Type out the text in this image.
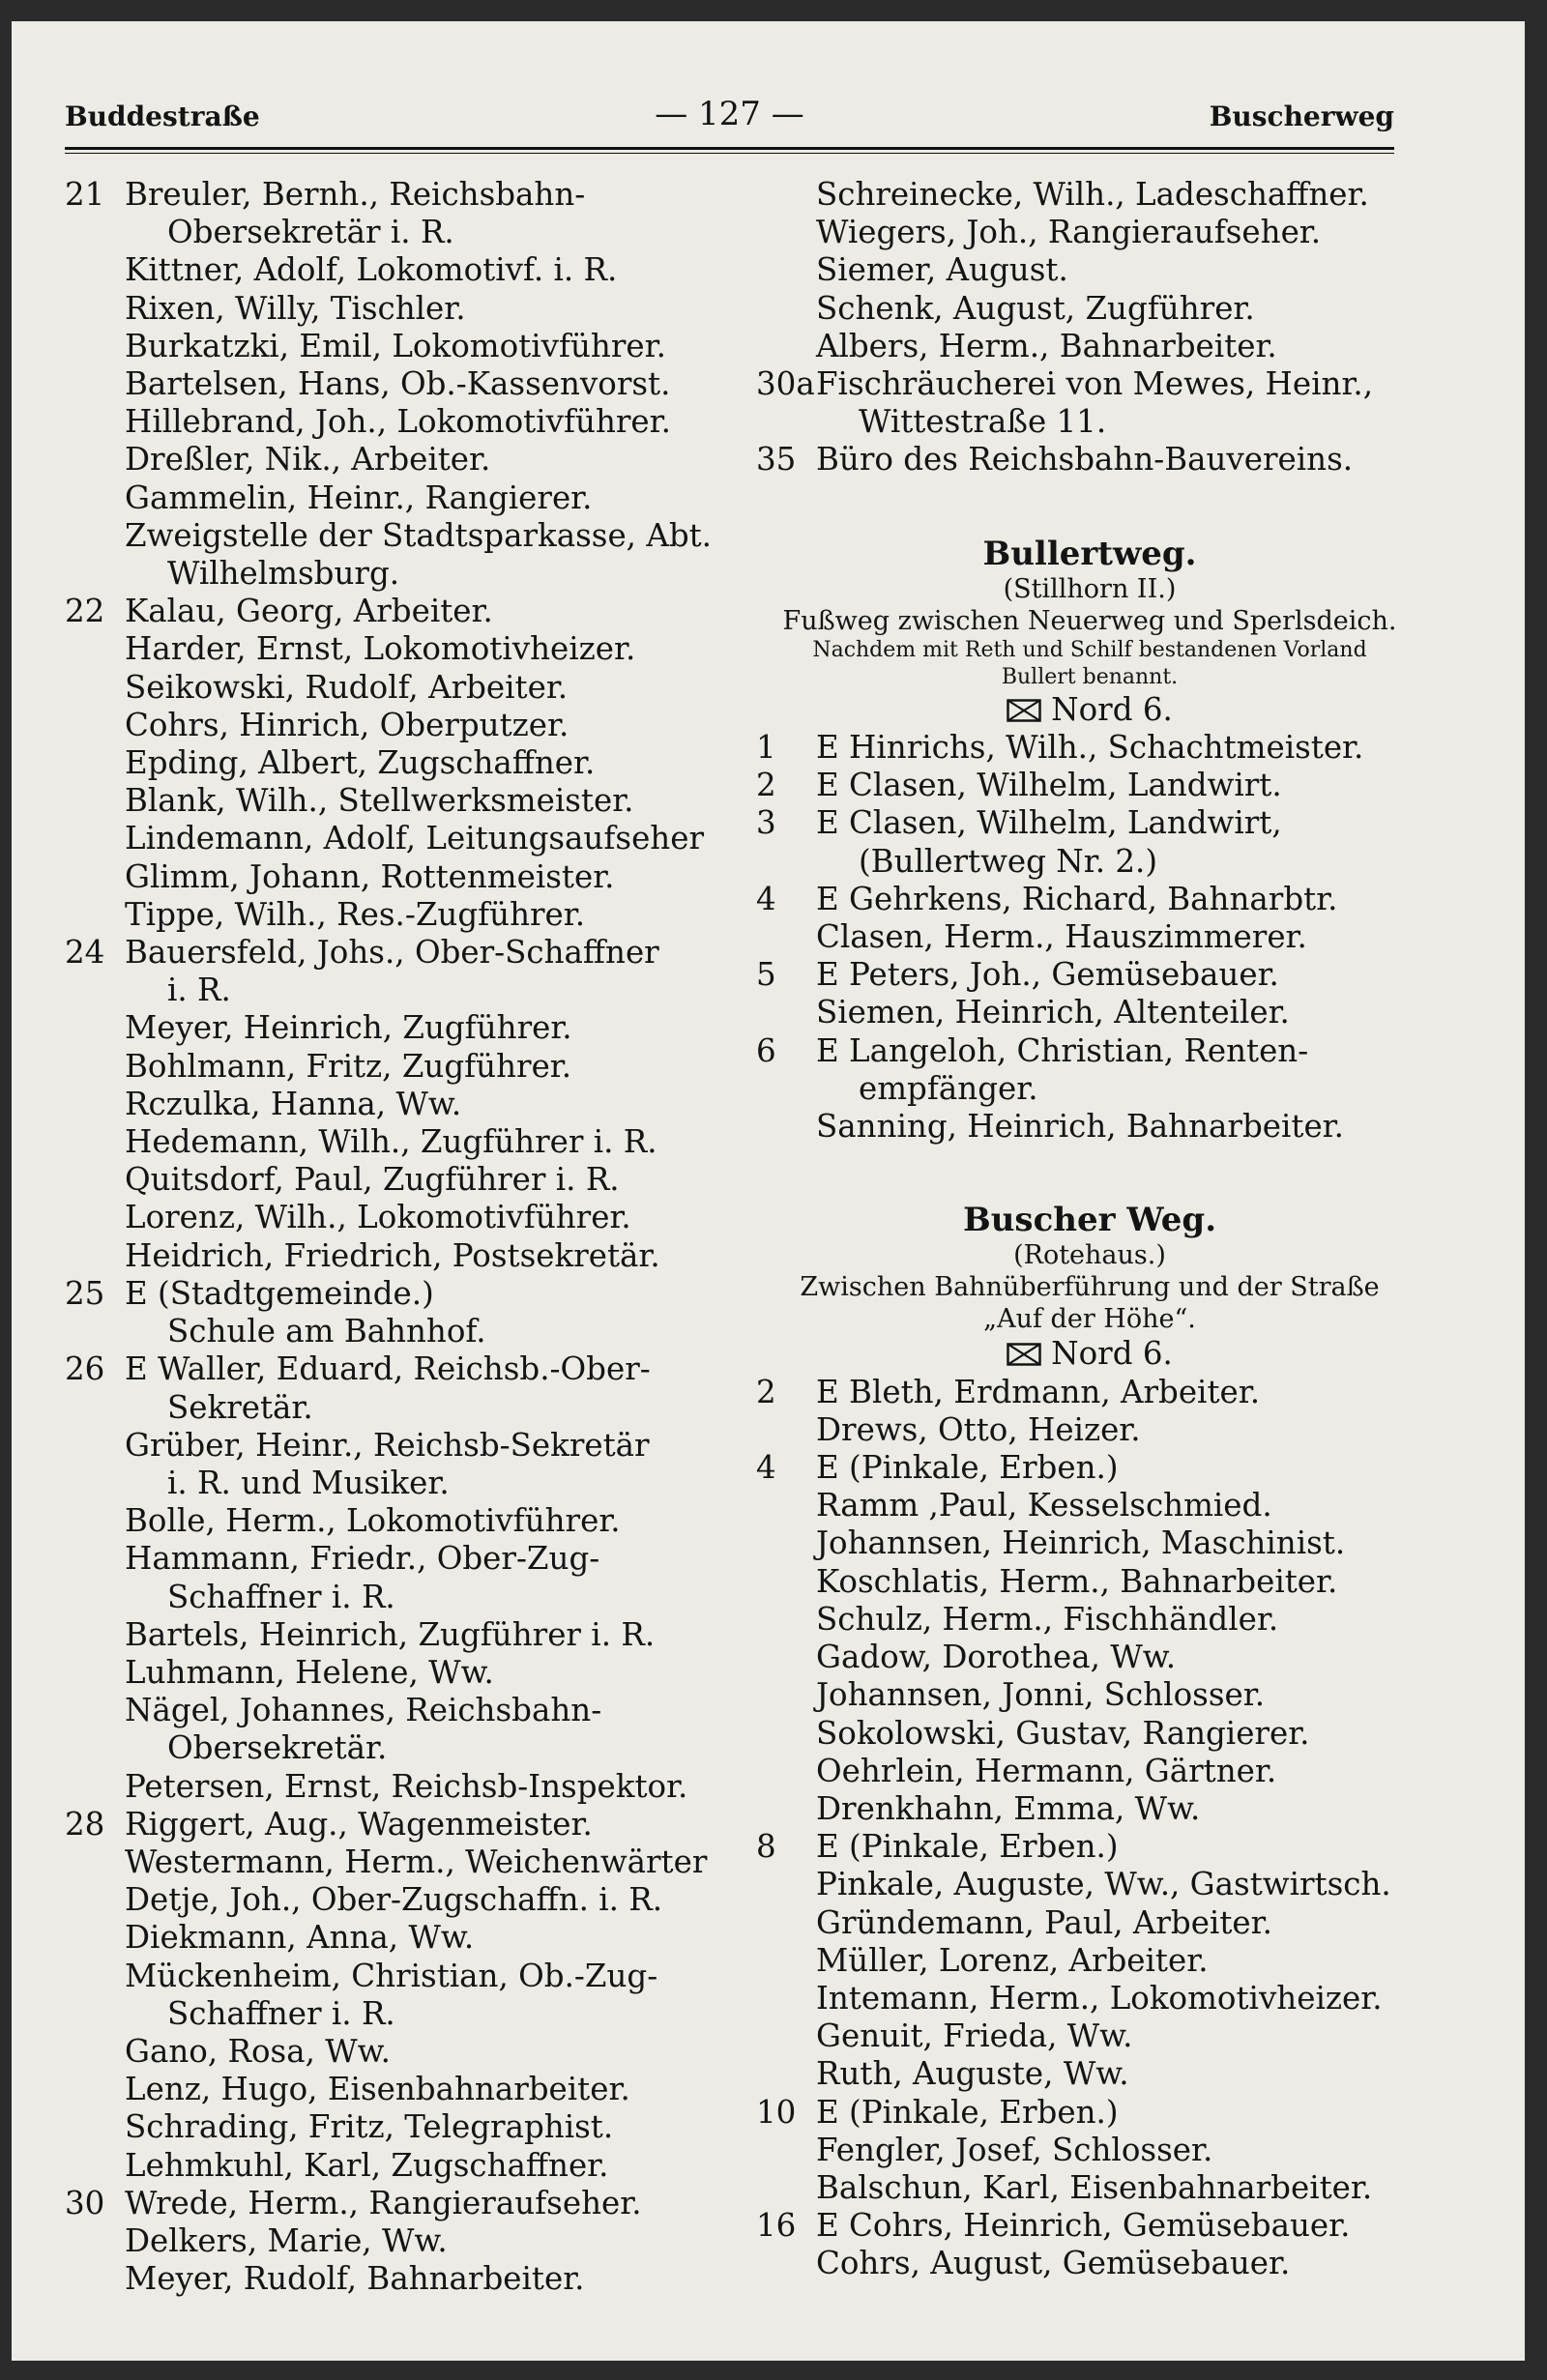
Buddestraße	— 127 —	Buscherweg
21 Breuler, Bernh., Reichsbahn-
Obersekretär i. R.
Kittner, Adolf, Lokomotivf. i. R.
Rixen, Willy, Tischler.
Burkatzki, Emil, Lokomotivführer.
Bartelsen, Hans, Ob.-Kassenvorst.
Hillebrand, Joh., Lokomotivführer.
Dreßler, Nik., Arbeiter.
Gammelin, Heinr., Rangierer.
Zweigstelle der Stadtsparkasse, Abt.
Wilhelmsburg.
22 Kalau, Georg, Arbeiter.
Harder, Ernst, Lokomotivheizer.
Seikowski, Rudolf, Arbeiter.
Cohrs, Hinrich, Oberputzer.
Epding, Albert, Zugschaffner.
Blank, Wilh., Stellwerksmeister.
Lindemann, Adolf, Leitungsaufseher
Glimm, Johann, Rottenmeister.
Tippe, Wilh., Res.-Zugführer.
24 Bauersfeld, Johs., Ober-Schaffner
i. R.
Meyer, Heinrich, Zugführer.
Bohlmann, Fritz, Zugführer.
Rczulka, Hanna, Ww.
Hedemann, Wilh., Zugführer i. R.
Quitsdorf, Paul, Zugführer i. R.
Lorenz, Wilh., Lokomotivführer.
Heidrich, Friedrich, Postsekretär.
25 E (Stadtgemeinde.)
Schule am Bahnhof.
26 E Waller, Eduard, Reichsb.-Ober-
Sekretär.
Grüber, Heinr., Reichsb-Sekretär
i. R. und Musiker.
Bolle, Herm., Lokomotivführer.
Hammann, Friedr., Ober-Zug-
Schaffner i. R.
Bartels, Heinrich, Zugführer i. R.
Luhmann, Helene, Ww.
Nägel, Johannes, Reichsbahn-
Obersekretär.
Petersen, Ernst, Reichsb-Inspektor.
28 Riggert, Aug., Wagenmeister.
Westermann, Herm., Weichenwärter
Detje, Joh., Ober-Zugschaffn. i. R.
Diekmann, Anna, Ww.
Mückenheim, Christian, Ob.-Zug-
Schaffner i. R.
Gano, Rosa, Ww.
Lenz, Hugo, Eisenbahnarbeiter.
Schrading, Fritz, Telegraphist.
Lehmkuhl, Karl, Zugschaffner.
30 Wrede, Herm., Rangieraufseher.
Delkers, Marie, Ww.
Meyer, Rudolf, Bahnarbeiter.
Schreinecke, Wilh., Ladeschaffner.
Wiegers, Joh., Rangieraufseher.
Siemer, August.
Schenk, August, Zugführer.
Albers, Herm., Bahnarbeiter.
30a Fischräucherei von Mewes, Heinr.,
Wittestraße 11.
35 Büro des Reichsbahn-Bauvereins.
Bullertweg.
(Stillhorn II.)
Fußweg zwischen Neuerweg und Sperlsdeich.
Nachdem mit Reth und Schilf bestandenen Vorland
Bullert benannt.
Nord 6.
1	E Hinrichs, Wilh., Schachtmeister.
2	E Clasen, Wilhelm, Landwirt.
3	E Clasen, Wilhelm, Landwirt,
(Bullertweg Nr. 2.)
4	E Gehrkens, Richard, Bahnarbtr.
Clasen, Herm., Hauszimmerer.
5	E Peters, Joh., Gemüsebauer.
Siemen, Heinrich, Altenteiler.
6	E Langeloh, Christian, Renten-
empfänger.
Sanning, Heinrich, Bahnarbeiter.
Buscher Weg.
(Rotehaus.)
Zwischen Bahnüberführung und der Straße
„Auf der Höhe“.
Nord 6.
2	E Bleth, Erdmann, Arbeiter.
Drews, Otto, Heizer.
4	E (Pinkale, Erben.)
Ramm ,Paul, Kesselschmied.
Johannsen, Heinrich, Maschinist.
Koschlatis, Herm., Bahnarbeiter.
Schulz, Herm., Fischhändler.
Gadow, Dorothea, Ww.
Johannsen, Jonni, Schlosser.
Sokolowski, Gustav, Rangierer.
Oehrlein, Hermann, Gärtner.
Drenkhahn, Emma, Ww.
8	E (Pinkale, Erben.)
Pinkale, Auguste, Ww., Gastwirtsch.
Gründemann, Paul, Arbeiter.
Müller, Lorenz, Arbeiter.
Intemann, Herm., Lokomotivheizer.
Genuit, Frieda, Ww.
Ruth, Auguste, Ww.
10 E (Pinkale, Erben.)
Fengler, Josef, Schlosser.
Balschun, Karl, Eisenbahnarbeiter.
16 E Cohrs, Heinrich, Gemüsebauer.
Cohrs, August, Gemüsebauer.
